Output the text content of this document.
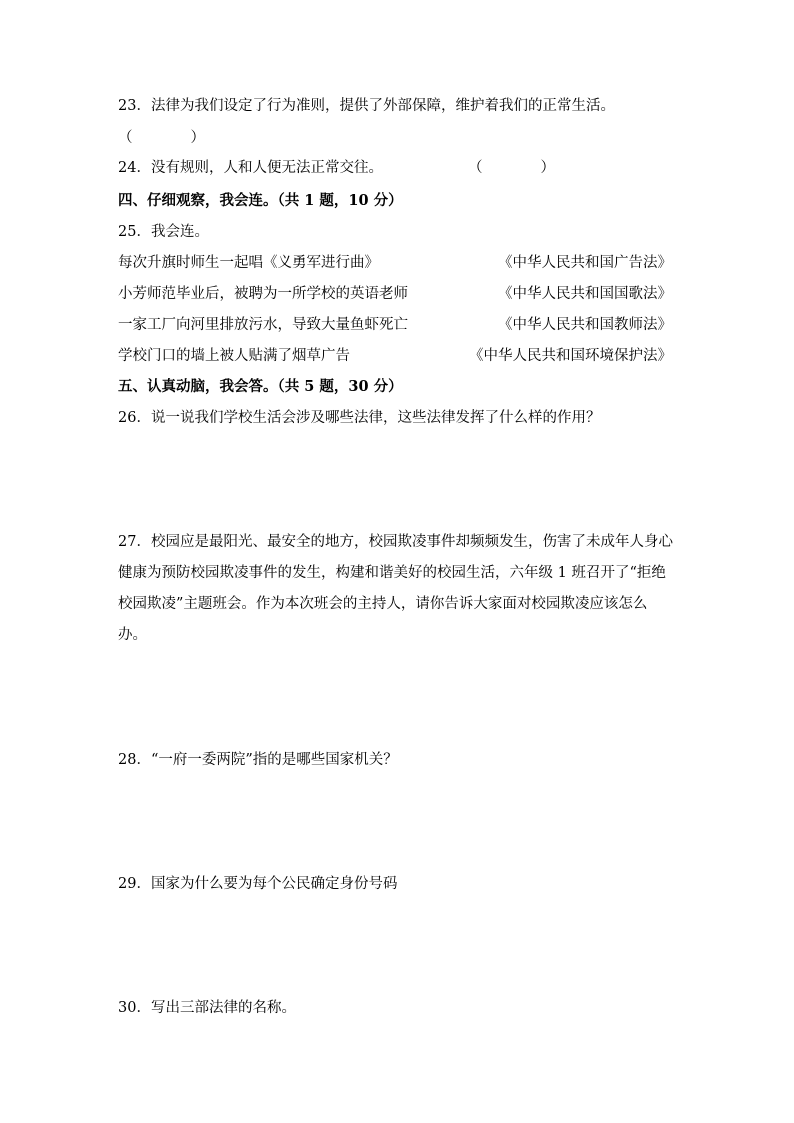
23．法律为我们设定了行为准则，提供了外部保障，维护着我们的正常生活。
（　　　　）
24．没有规则，人和人便无法正常交往。	（　　　　）
四、仔细观察，我会连。（共 1 题，10 分）
25．我会连。
每次升旗时师生一起唱《义勇军进行曲》	《中华人民共和国广告法》
小芳师范毕业后，被聘为一所学校的英语老师	《中华人民共和国国歌法》
一家工厂向河里排放污水，导致大量鱼虾死亡	《中华人民共和国教师法》
学校门口的墙上被人贴满了烟草广告	《中华人民共和国环境保护法》
五、认真动脑，我会答。（共 5 题，30 分）
26．说一说我们学校生活会涉及哪些法律，这些法律发挥了什么样的作用？
27．校园应是最阳光、最安全的地方，校园欺凌事件却频频发生，伤害了未成年人身心健康为预防校园欺凌事件的发生，构建和谐美好的校园生活，六年级 1 班召开了“拒绝校园欺凌”主题班会。作为本次班会的主持人，请你告诉大家面对校园欺凌应该怎么办。
28．“一府一委两院”指的是哪些国家机关？
29．国家为什么要为每个公民确定身份号码
30．写出三部法律的名称。
